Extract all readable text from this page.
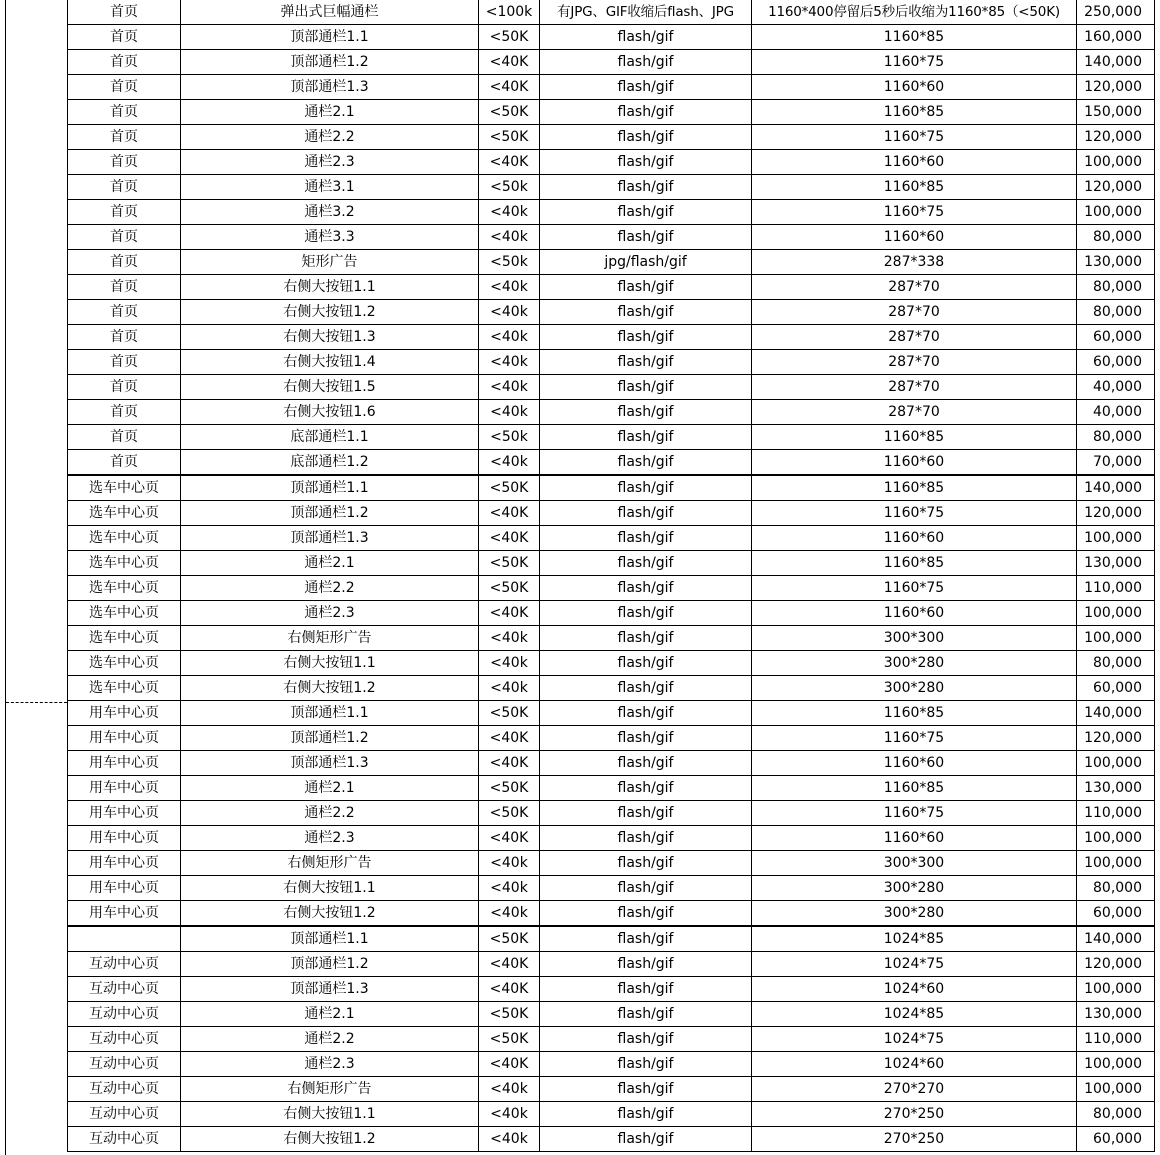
首页	弹出式巨幅通栏	<100k	有JPG、GIF收缩后flash、JPG	1160*400停留后5秒后收缩为1160*85（<50K)	250,000
首页	顶部通栏1.1	<50K	flash/gif	1160*85	160,000
首页	顶部通栏1.2	<40K	flash/gif	1160*75	140,000
首页	顶部通栏1.3	<40K	flash/gif	1160*60	120,000
首页	通栏2.1	<50K	flash/gif	1160*85	150,000
首页	通栏2.2	<50K	flash/gif	1160*75	120,000
首页	通栏2.3	<40K	flash/gif	1160*60	100,000
首页	通栏3.1	<50k	flash/gif	1160*85	120,000
首页	通栏3.2	<40k	flash/gif	1160*75	100,000
首页	通栏3.3	<40k	flash/gif	1160*60	80,000
首页	矩形广告	<50k	jpg/flash/gif	287*338	130,000
首页	右侧大按钮1.1	<40k	flash/gif	287*70	80,000
首页	右侧大按钮1.2	<40k	flash/gif	287*70	80,000
首页	右侧大按钮1.3	<40k	flash/gif	287*70	60,000
首页	右侧大按钮1.4	<40k	flash/gif	287*70	60,000
首页	右侧大按钮1.5	<40k	flash/gif	287*70	40,000
首页	右侧大按钮1.6	<40k	flash/gif	287*70	40,000
首页	底部通栏1.1	<50k	flash/gif	1160*85	80,000
首页	底部通栏1.2	<40k	flash/gif	1160*60	70,000
选车中心页	顶部通栏1.1	<50K	flash/gif	1160*85	140,000
选车中心页	顶部通栏1.2	<40K	flash/gif	1160*75	120,000
选车中心页	顶部通栏1.3	<40K	flash/gif	1160*60	100,000
选车中心页	通栏2.1	<50K	flash/gif	1160*85	130,000
选车中心页	通栏2.2	<50K	flash/gif	1160*75	110,000
选车中心页	通栏2.3	<40K	flash/gif	1160*60	100,000
选车中心页	右侧矩形广告	<40k	flash/gif	300*300	100,000
选车中心页	右侧大按钮1.1	<40k	flash/gif	300*280	80,000
选车中心页	右侧大按钮1.2	<40k	flash/gif	300*280	60,000
用车中心页	顶部通栏1.1	<50K	flash/gif	1160*85	140,000
用车中心页	顶部通栏1.2	<40K	flash/gif	1160*75	120,000
用车中心页	顶部通栏1.3	<40K	flash/gif	1160*60	100,000
用车中心页	通栏2.1	<50K	flash/gif	1160*85	130,000
用车中心页	通栏2.2	<50K	flash/gif	1160*75	110,000
用车中心页	通栏2.3	<40K	flash/gif	1160*60	100,000
用车中心页	右侧矩形广告	<40k	flash/gif	300*300	100,000
用车中心页	右侧大按钮1.1	<40k	flash/gif	300*280	80,000
用车中心页	右侧大按钮1.2	<40k	flash/gif	300*280	60,000
	顶部通栏1.1	<50K	flash/gif	1024*85	140,000
互动中心页	顶部通栏1.2	<40K	flash/gif	1024*75	120,000
互动中心页	顶部通栏1.3	<40K	flash/gif	1024*60	100,000
互动中心页	通栏2.1	<50K	flash/gif	1024*85	130,000
互动中心页	通栏2.2	<50K	flash/gif	1024*75	110,000
互动中心页	通栏2.3	<40K	flash/gif	1024*60	100,000
互动中心页	右侧矩形广告	<40k	flash/gif	270*270	100,000
互动中心页	右侧大按钮1.1	<40k	flash/gif	270*250	80,000
互动中心页	右侧大按钮1.2	<40k	flash/gif	270*250	60,000
